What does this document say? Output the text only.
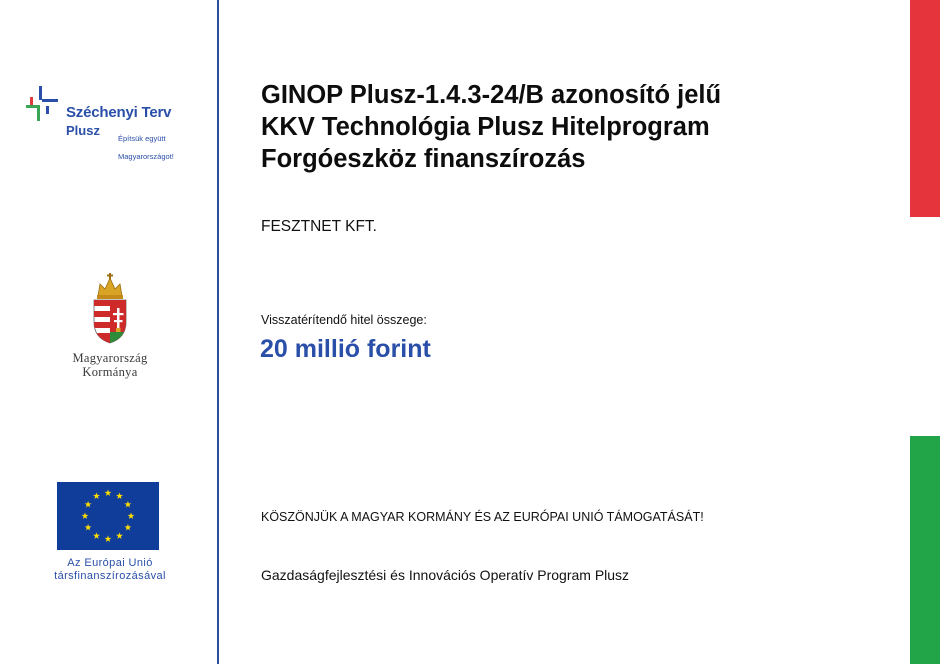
Széchenyi Terv
Plusz

Építsük együtt

Magyarországot!

Magyarország
Kormánya
Az Európai Unió
társfinanszírozásával
GINOP Plusz-1.4.3-24/B azonosító jelű
KKV Technológia Plusz Hitelprogram
Forgóeszköz finanszírozás
FESZTNET KFT.
Visszatérítendő hitel összege:
20 millió forint
KÖSZÖNJÜK A MAGYAR KORMÁNY ÉS AZ EURÓPAI UNIÓ TÁMOGATÁSÁT!
Gazdaságfejlesztési és Innovációs Operatív Program Plusz
